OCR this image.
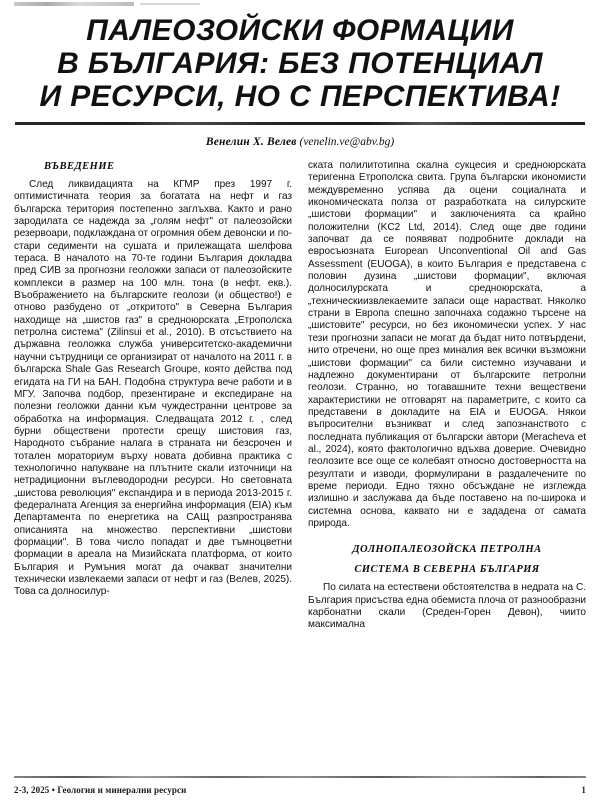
ПАЛЕОЗОЙСКИ ФОРМАЦИИ
В БЪЛГАРИЯ: БЕЗ ПОТЕНЦИАЛ
И РЕСУРСИ, НО С ПЕРСПЕКТИВА!
Венелин Х. Велев (venelin.ve@abv.bg)
ВЪВЕДЕНИЕ

След ликвидацията на КГМР през 1997 г. оптимистичната теория за богатата на нефт и газ българска територия постепенно заглъхва. Както и рано зародилата се надежда за „голям нефт" от палеозойски резервоари, подклаждана от огромния обем девонски и по-стари седименти на сушата и прилежащата шелфова тераса. В началото на 70-те години България докладва пред СИВ за прогнозни геоложки запаси от палеозойските комплекси в размер на 100 млн. тона (в нефт. екв.). Въображението на българските геолози (и общество!) е отново разбудено от „откритото" в Северна България находище на „шистов газ" в средноюрската „Етрополска петролна система" (Zilinsui et al., 2010). В отсъствието на държавна геоложка служба университетско-академични научни сътрудници се организират от началото на 2011 г. в българска Shale Gas Research Groupe, която действа под егидата на ГИ на БАН. Подобна структура вече работи и в МГУ. Започва подбор, презентиране и експедиране на полезни геоложки данни към чуждестранни центрове за обработка на информация. Следващата 2012 г. , след бурни обществени протести срещу шистовия газ, Народното събрание налага в страната ни безсрочен и тотален мораториум върху новата добивна практика с технологично напукване на плътните скали източници на нетрадиционни въглеводородни ресурси. Но световната „шистова революция" експандира и в периода 2013-2015 г. федералната Агенция за енергийна информация (EIA) към Департамента по енергетика на САЩ разпространява описанията на множество перспективни „шистови формации". В това число попадат и две тъмноцветни формации в ареала на Мизийската платформа, от които България и Румъния могат да очакват значителни технически извлекаеми запаси от нефт и газ (Велев, 2025). Това са долносилур-

ската полилитотипна скална сукцесия и средноюрската теригенна Етрополска свита. Група български икономисти междувременно успява да оцени социалната и икономическата полза от разработката на силурските „шистови формации" и заключенията са крайно положителни (KC2 Ltd, 2014). След още две години започват да се появяват подробните доклади на евросъюзната European Unconventional Oil and Gas Assessment (EUOGA), в които България е представена с половин дузина „шистови формации", включая долносилурската и средноюрската, а „техническиизвлекаемите запаси още нарастват. Няколко страни в Европа спешно започнаха содажно търсене на „шистовите" ресурси, но без икономически успех. У нас тези прогнозни запаси не могат да бъдат нито потвърдени, нито отречени, но още през миналия век всички възможни „шистови формации" са били системно изучавани и надлежно документирани от българските петролни геолози. Странно, но тогавашните техни веществени характеристики не отговарят на параметрите, с които са представени в докладите на EIA и EUOGA. Някои въпросителни възникват и след запознанството с последната публикация от български автори (Meracheva et al., 2024), която фактологично вдъхва доверие. Очевидно геолозите все още се колебаят относно достоверността на резултати и изводи, формулирани в раздалечените по време периоди. Едно тяхно обсъждане не изглежда излишно и заслужава да бъде поставено на по-широка и системна основа, каквато ни е зададена от самата природа.

ДОЛНОПАЛЕОЗОЙСКА ПЕТРОЛНА
СИСТЕМА В СЕВЕРНА БЪЛГАРИЯ

По силата на естествени обстоятелства в недрата на С. България присъства една обемиста плоча от разнообразни карбонатни скали (Среден-Горен Девон), чиито максимална

2-3, 2025 • Геология и минерални ресурси	1
